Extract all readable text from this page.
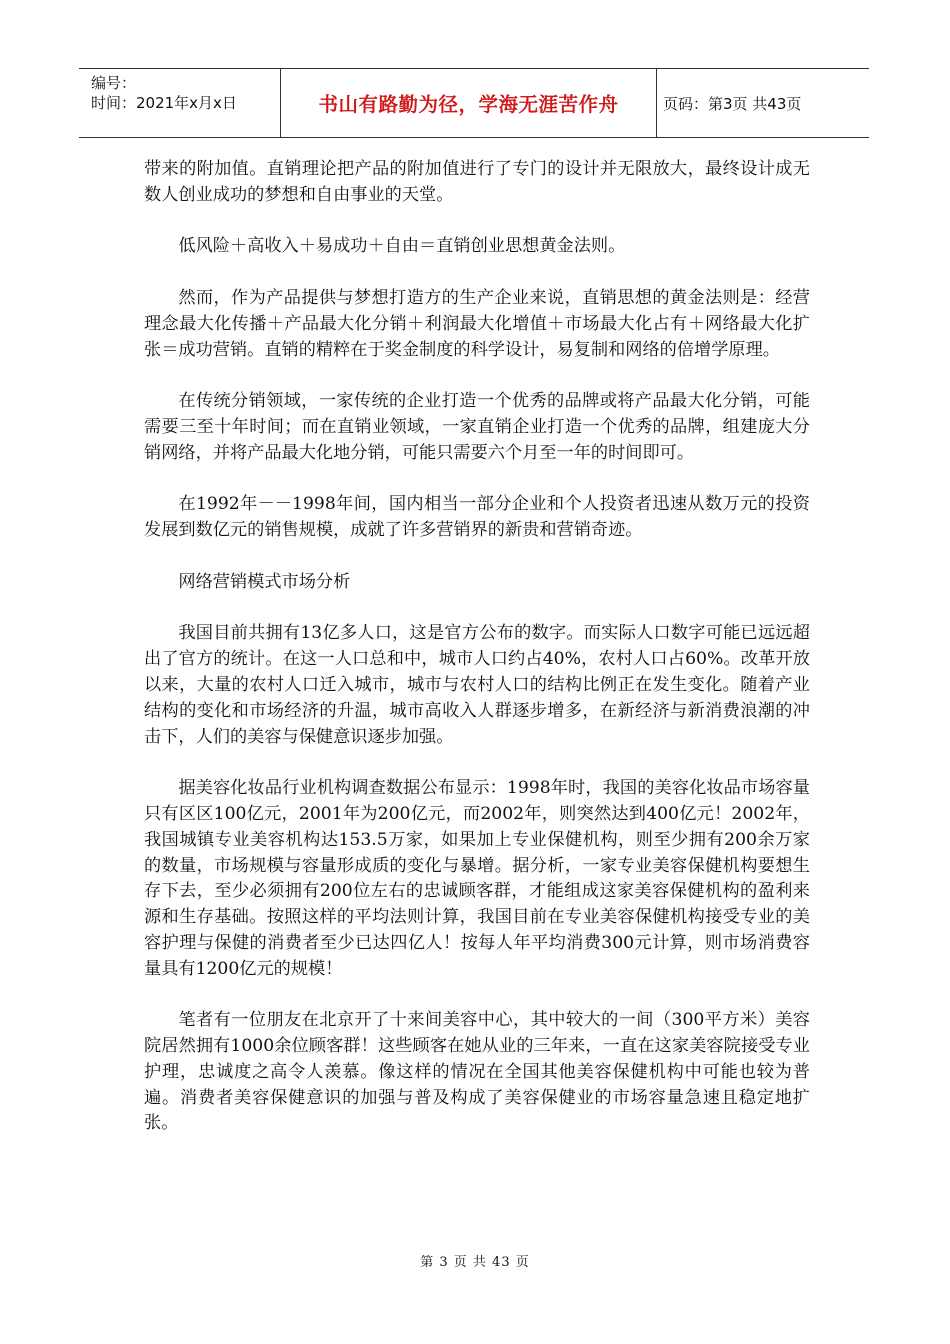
编号：
时间：2021年x月x日	书山有路勤为径，学海无涯苦作舟	页码：第3页 共43页

带来的附加值。直销理论把产品的附加值进行了专门的设计并无限放大，最终设计成无数人创业成功的梦想和自由事业的天堂。

低风险＋高收入＋易成功＋自由＝直销创业思想黄金法则。

然而，作为产品提供与梦想打造方的生产企业来说，直销思想的黄金法则是：经营理念最大化传播＋产品最大化分销＋利润最大化增值＋市场最大化占有＋网络最大化扩张＝成功营销。直销的精粹在于奖金制度的科学设计，易复制和网络的倍增学原理。

在传统分销领域，一家传统的企业打造一个优秀的品牌或将产品最大化分销，可能需要三至十年时间；而在直销业领域，一家直销企业打造一个优秀的品牌，组建庞大分销网络，并将产品最大化地分销，可能只需要六个月至一年的时间即可。

在1992年－－1998年间，国内相当一部分企业和个人投资者迅速从数万元的投资发展到数亿元的销售规模，成就了许多营销界的新贵和营销奇迹。

网络营销模式市场分析

我国目前共拥有13亿多人口，这是官方公布的数字。而实际人口数字可能已远远超出了官方的统计。在这一人口总和中，城市人口约占40%，农村人口占60%。改革开放以来，大量的农村人口迁入城市，城市与农村人口的结构比例正在发生变化。随着产业结构的变化和市场经济的升温，城市高收入人群逐步增多，在新经济与新消费浪潮的冲击下，人们的美容与保健意识逐步加强。

据美容化妆品行业机构调查数据公布显示：1998年时，我国的美容化妆品市场容量只有区区100亿元，2001年为200亿元，而2002年，则突然达到400亿元！2002年，我国城镇专业美容机构达153.5万家，如果加上专业保健机构，则至少拥有200余万家的数量，市场规模与容量形成质的变化与暴增。据分析，一家专业美容保健机构要想生存下去，至少必须拥有200位左右的忠诚顾客群，才能组成这家美容保健机构的盈利来源和生存基础。按照这样的平均法则计算，我国目前在专业美容保健机构接受专业的美容护理与保健的消费者至少已达四亿人！按每人年平均消费300元计算，则市场消费容量具有1200亿元的规模！

笔者有一位朋友在北京开了十来间美容中心，其中较大的一间（300平方米）美容院居然拥有1000余位顾客群！这些顾客在她从业的三年来，一直在这家美容院接受专业护理，忠诚度之高令人羡慕。像这样的情况在全国其他美容保健机构中可能也较为普遍。消费者美容保健意识的加强与普及构成了美容保健业的市场容量急速且稳定地扩张。

第 3 页 共 43 页
